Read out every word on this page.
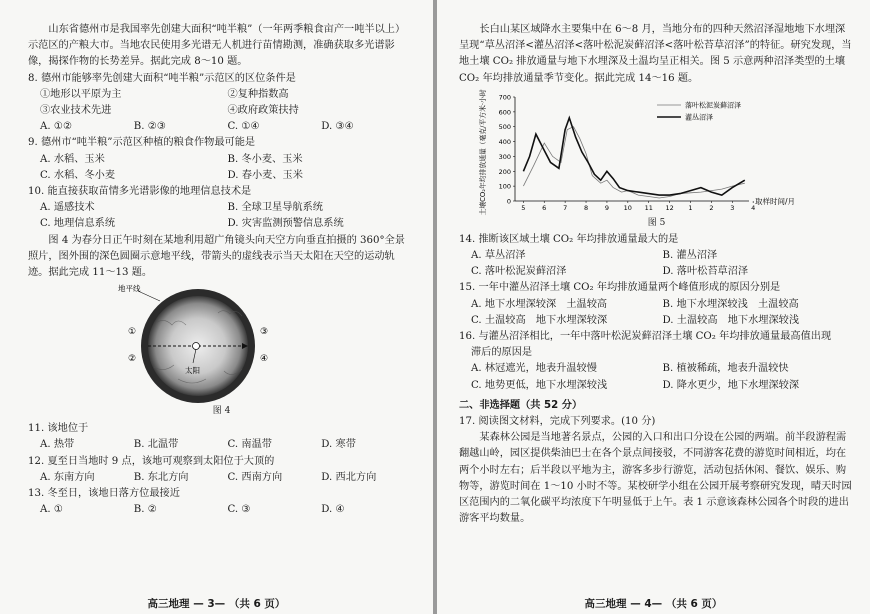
山东省德州市是我国率先创建大面积“吨半粮”（一年两季粮食亩产一吨半以上）示范区的产粮大市。当地农民使用多光谱无人机进行苗情勘测，准确获取多光谱影像，揭探作物的长势差异。据此完成 8～10 题。

8. 德州市能够率先创建大面积“吨半粮”示范区的区位条件是

①地形以平原为主	②复种指数高
③农业技术先进	④政府政策扶持
A. ①②	B. ②③	C. ①④	D. ③④

9. 德州市“吨半粮”示范区种植的粮食作物最可能是

A. 水稻、玉米	B. 冬小麦、玉米
C. 水稻、冬小麦	D. 春小麦、玉米

10. 能直接获取苗情多光谱影像的地理信息技术是

A. 遥感技术	B. 全球卫星导航系统
C. 地理信息系统	D. 灾害监测预警信息系统

图 4 为春分日正午时刻在某地利用超广角镜头向天空方向垂直拍摄的 360°全景照片，图外围的深色圆圈示意地平线，带箭头的虚线表示当天太阳在天空的运动轨迹。据此完成 11～13 题。

地平线
太阳
①
②
③
④
图 4

11. 该地位于

A. 热带	B. 北温带	C. 南温带	D. 寒带

12. 夏至日当地时 9 点，该地可观察到太阳位于大顶的

A. 东南方向	B. 东北方向	C. 西南方向	D. 西北方向

13. 冬至日，该地日落方位最接近

A. ①	B. ②	C. ③	D. ④
高三地理 — 3— （共 6 页）

长白山某区域降水主要集中在 6～8 月，当地分布的四种天然沼泽湿地地下水埋深呈现“草丛沼泽<灌丛沼泽<落叶松泥炭藓沼泽<落叶松苔草沼泽”的特征。研究发现，当地土壤 CO₂ 排放通量与地下水埋深及土温均呈正相关。图 5 示意两种沼泽类型的土壤 CO₂ 年均排放通量季节变化。据此完成 14～16 题。

0
100
200
300
400
500
600
700
5	6	7	8	9 10 11 12 1	2	3	4
取样时间/月
土壤CO₂年均排放通量（毫克/平方米·小时）	落叶松泥炭藓沼泽
灌丛沼泽
图 5

14. 推断该区域土壤 CO₂ 年均排放通量最大的是

A. 草丛沼泽	B. 灌丛沼泽
C. 落叶松泥炭藓沼泽	D. 落叶松苔草沼泽

15. 一年中灌丛沼泽土壤 CO₂ 年均排放通量两个峰值形成的原因分别是

A. 地下水埋深较深　土温较高	B. 地下水埋深较浅　土温较高
C. 土温较高　地下水埋深较深	D. 土温较高　地下水埋深较浅

16. 与灌丛沼泽相比，一年中落叶松泥炭藓沼泽土壤 CO₂ 年均排放通量最高值出现

滞后的原因是

A. 林冠遮光，地表升温较慢	B. 植被稀疏，地表升温较快
C. 地势更低，地下水埋深较浅	D. 降水更少，地下水埋深较深

二、非选择题（共 52 分）

17. 阅读图文材料，完成下列要求。(10 分)

某森林公园是当地著名景点，公园的入口和出口分设在公园的两端。前半段游程需翻越山岭，园区提供柴油巴士在各个景点间接驳，不同游客花费的游览时间相近，均在两个小时左右；后半段以平地为主，游客多步行游览，活动包括休闲、餐饮、娱乐、购物等，游览时间在 1～10 小时不等。某校研学小组在公园开展考察研究发现，晴天时园区范围内的二氧化碳平均浓度下午明显低于上午。表 1 示意该森林公园各个时段的进出游客平均数量。

高三地理 — 4— （共 6 页）
